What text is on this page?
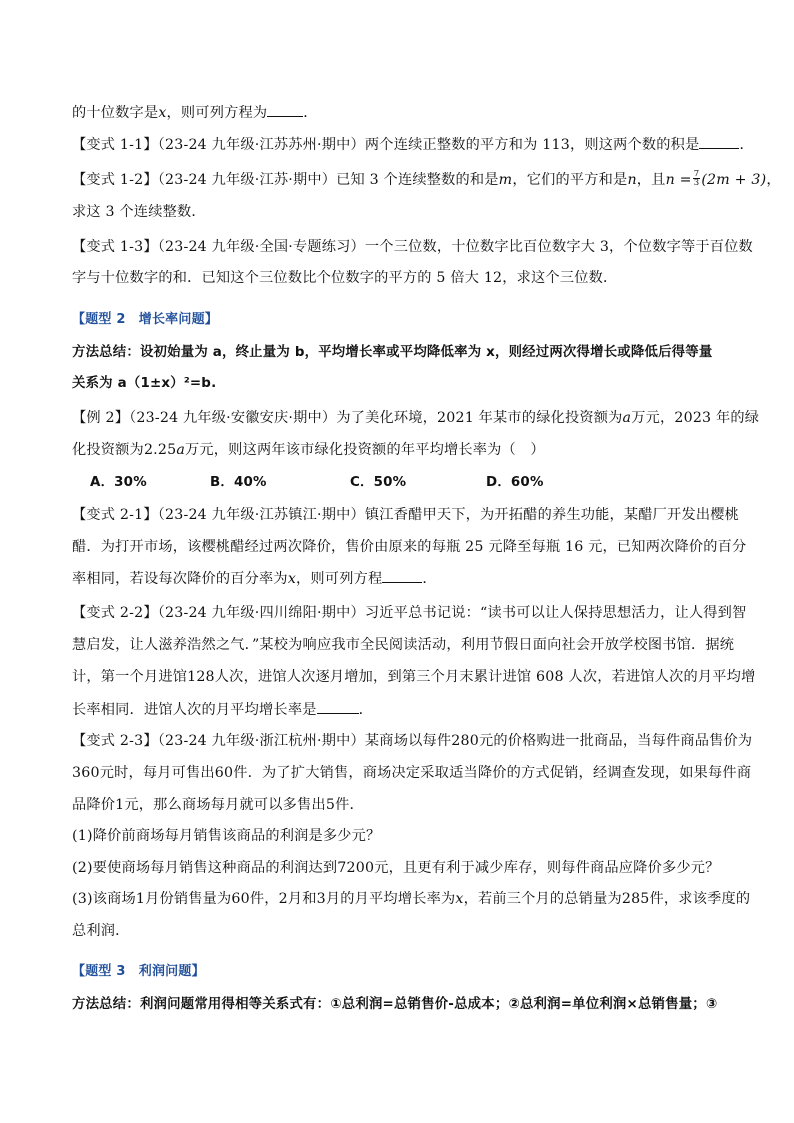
的十位数字是x，则可列方程为	．
【变式 1-1】（23-24 九年级·江苏苏州·期中）两个连续正整数的平方和为 113，则这两个数的积是	．
【变式 1-2】（23-24 九年级·江苏·期中）已知 3 个连续整数的和是m，它们的平方和是n，且$n = \frac{7}{3} (2m + 3)$，
求这 3 个连续整数．
【变式 1-3】（23-24 九年级·全国·专题练习）一个三位数，十位数字比百位数字大 3，个位数字等于百位数
字与十位数字的和．已知这个三位数比个位数字的平方的 5 倍大 12，求这个三位数．
【题型 2　增长率问题】
方法总结：设初始量为 a，终止量为 b，平均增长率或平均降低率为 x，则经过两次得增长或降低后得等量
关系为 a（1±x）²=b.
【例 2】（23-24 九年级·安徽安庆·期中）为了美化环境，2021 年某市的绿化投资额为a万元，2023 年的绿
化投资额为2.25a万元，则这两年该市绿化投资额的年平均增长率为（　）
A．30%	B．40%	C．50%	D．60%
【变式 2-1】（23-24 九年级·江苏镇江·期中）镇江香醋甲天下，为开拓醋的养生功能，某醋厂开发出樱桃
醋．为打开市场，该樱桃醋经过两次降价，售价由原来的每瓶 25 元降至每瓶 16 元，已知两次降价的百分
率相同，若设每次降价的百分率为x，则可列方程	．
【变式 2-2】（23-24 九年级·四川绵阳·期中）习近平总书记说：“读书可以让人保持思想活力，让人得到智
慧启发，让人滋养浩然之气．”某校为响应我市全民阅读活动，利用节假日面向社会开放学校图书馆．据统
计，第一个月进馆128人次，进馆人次逐月增加，到第三个月末累计进馆 608 人次，若进馆人次的月平均增
长率相同．进馆人次的月平均增长率是	．
【变式 2-3】（23-24 九年级·浙江杭州·期中）某商场以每件280元的价格购进一批商品，当每件商品售价为
360元时，每月可售出60件．为了扩大销售，商场决定采取适当降价的方式促销，经调查发现，如果每件商
品降价1元，那么商场每月就可以多售出5件．
(1)降价前商场每月销售该商品的利润是多少元？
(2)要使商场每月销售这种商品的利润达到7200元，且更有利于减少库存，则每件商品应降价多少元？
(3)该商场1月份销售量为60件，2月和3月的月平均增长率为x，若前三个月的总销量为285件，求该季度的
总利润．
【题型 3　利润问题】
方法总结：利润问题常用得相等关系式有：①总利润=总销售价-总成本；②总利润=单位利润×总销售量；③
